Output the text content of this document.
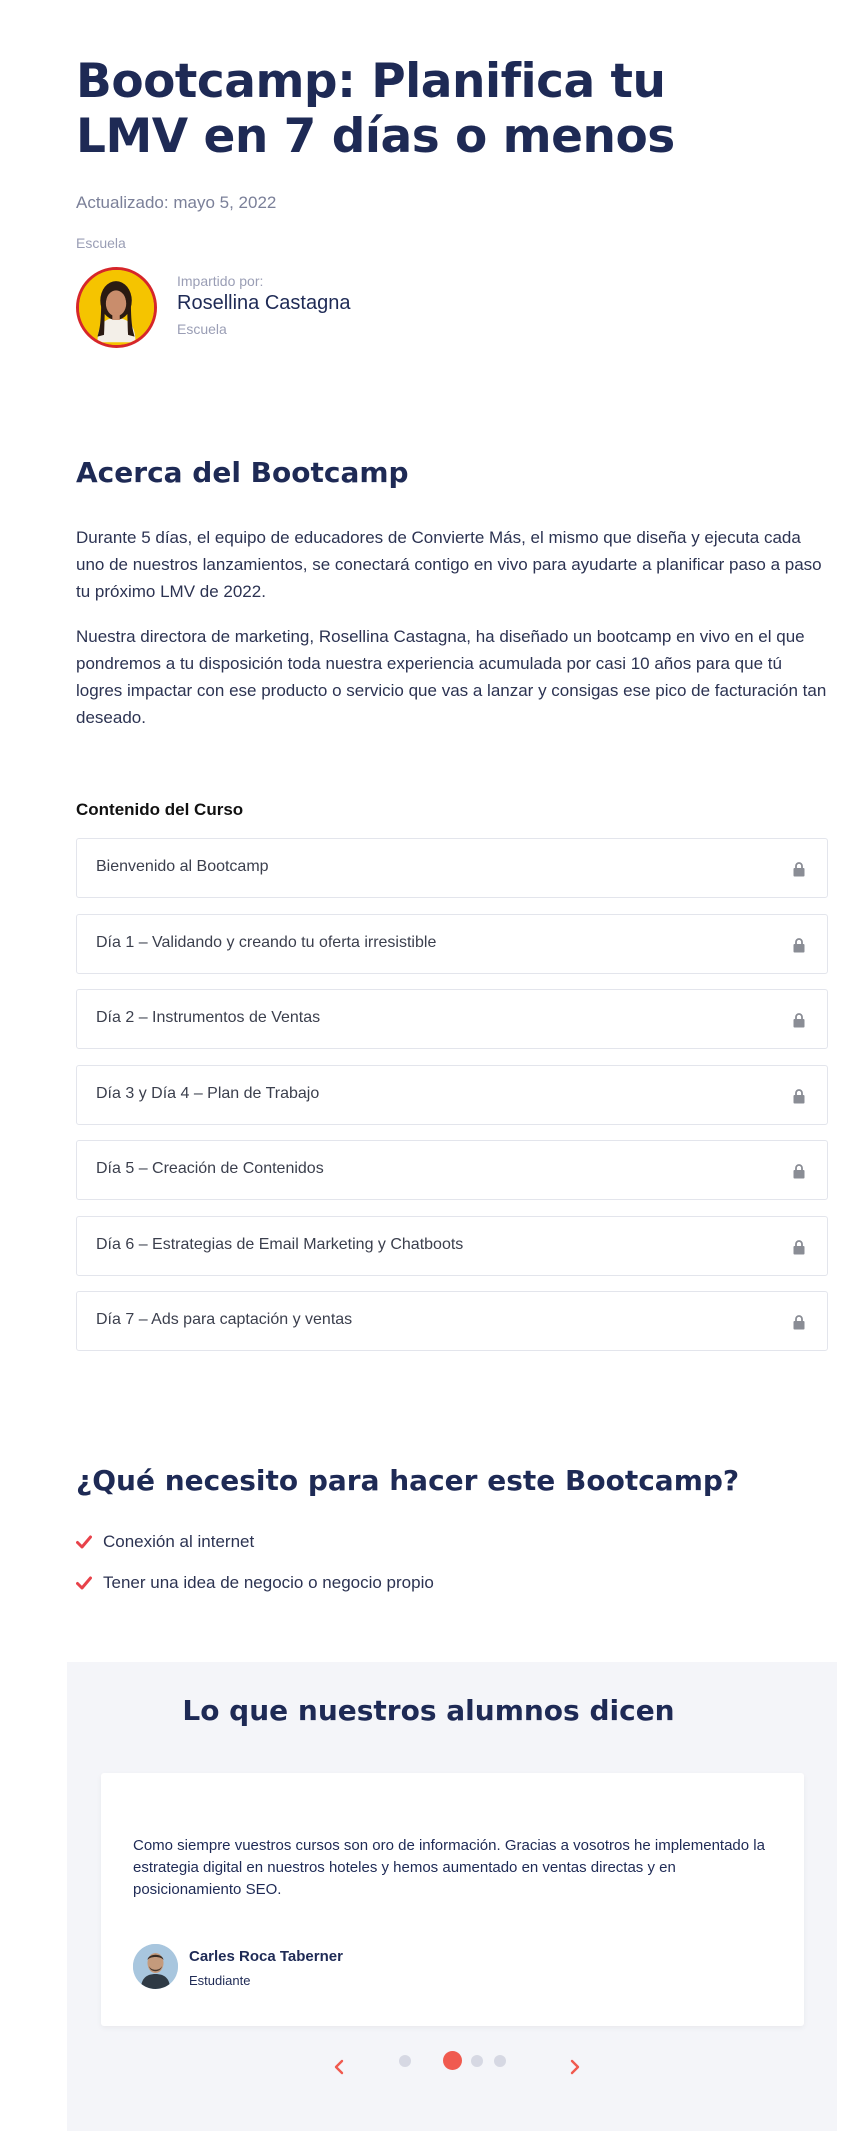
Bootcamp: Planifica tu LMV en 7 días o menos
Actualizado: mayo 5, 2022
Escuela
Impartido por:
Rosellina Castagna
Escuela
Acerca del Bootcamp

Durante 5 días, el equipo de educadores de Convierte Más, el mismo que diseña y ejecuta cada uno de nuestros lanzamientos, se conectará contigo en vivo para ayudarte a planificar paso a paso tu próximo LMV de 2022.

Nuestra directora de marketing, Rosellina Castagna, ha diseñado un bootcamp en vivo en el que pondremos a tu disposición toda nuestra experiencia acumulada por casi 10 años para que tú logres impactar con ese producto o servicio que vas a lanzar y consigas ese pico de facturación tan deseado.

Contenido del Curso
Bienvenido al Bootcamp
Día 1 – Validando y creando tu oferta irresistible
Día 2 – Instrumentos de Ventas
Día 3 y Día 4 – Plan de Trabajo
Día 5 – Creación de Contenidos
Día 6 – Estrategias de Email Marketing y Chatboots
Día 7 – Ads para captación y ventas
¿Qué necesito para hacer este Bootcamp?
Conexión al internet
Tener una idea de negocio o negocio propio
Lo que nuestros alumnos dicen

Como siempre vuestros cursos son oro de información. Gracias a vosotros he implementado la estrategia digital en nuestros hoteles y hemos aumentado en ventas directas y en posicionamiento SEO.

Carles Roca Taberner
Estudiante
